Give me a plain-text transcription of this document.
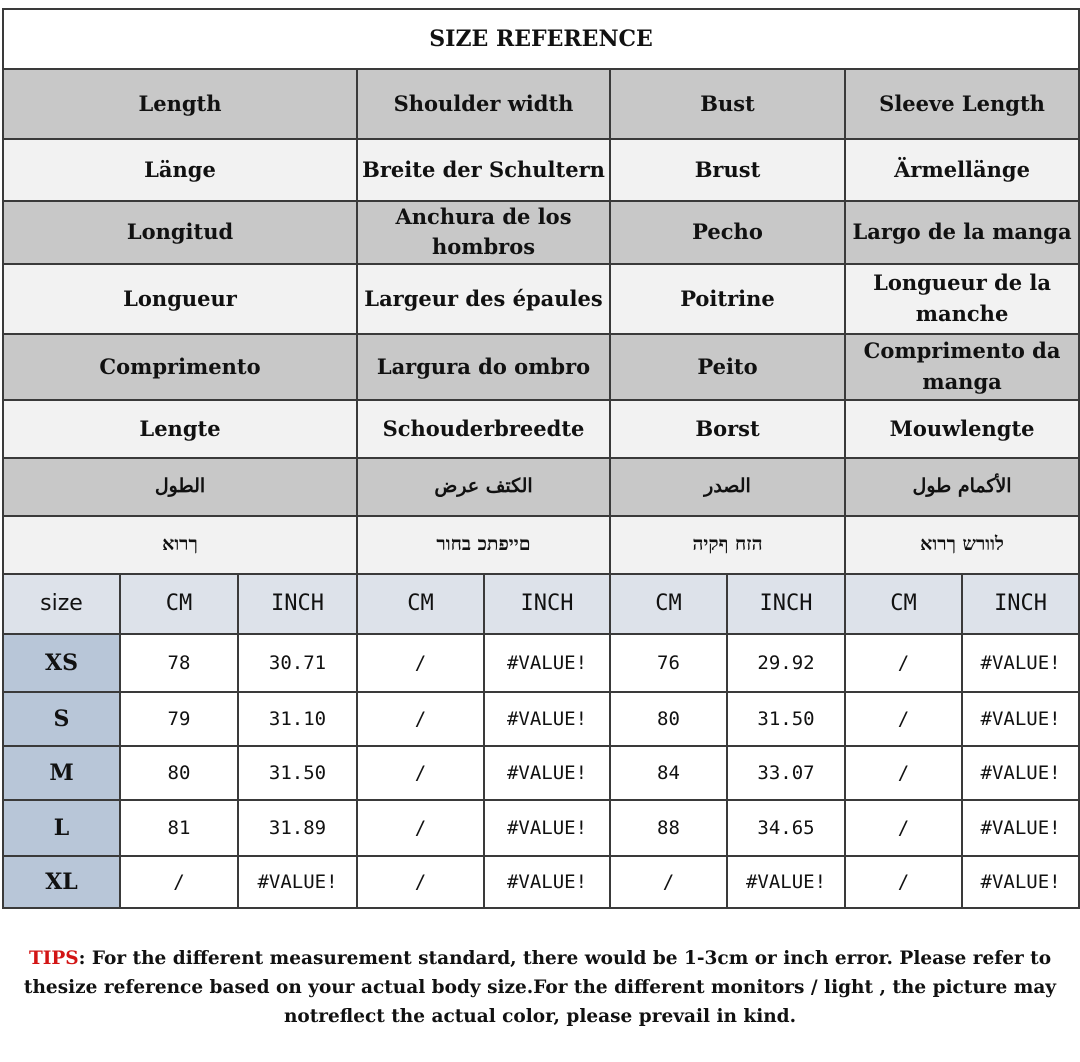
SIZE REFERENCE								
Length			Shoulder width		Bust		Sleeve Length	
Länge			Breite der Schultern		Brust		Ärmellänge	
Longitud			Anchura de los hombros		Pecho		Largo de la manga	
Longueur			Largeur des épaules		Poitrine		Longueur de la manche	
Comprimento			Largura do ombro		Peito		Comprimento da manga	
Lengte			Schouderbreedte		Borst		Mouwlengte	
الطول			الكتف عرض		الصدر		الأكمام طول	
ךרוא			םייפתכ בחור		הזח ףקיה		לוורש ךרוא	
size	CM	INCH	CM	INCH	CM	INCH	CM	INCH
XS	78	30.71	/	#VALUE!	76	29.92	/	#VALUE!
S	79	31.10	/	#VALUE!	80	31.50	/	#VALUE!
M	80	31.50	/	#VALUE!	84	33.07	/	#VALUE!
L	81	31.89	/	#VALUE!	88	34.65	/	#VALUE!
XL	/	#VALUE!	/	#VALUE!	/	#VALUE!	/	#VALUE!
TIPS: For the different measurement standard, there would be 1-3cm or inch error. Please refer to thesize reference based on your actual body size.For the different monitors / light , the picture may notreflect the actual color, please prevail in kind.
